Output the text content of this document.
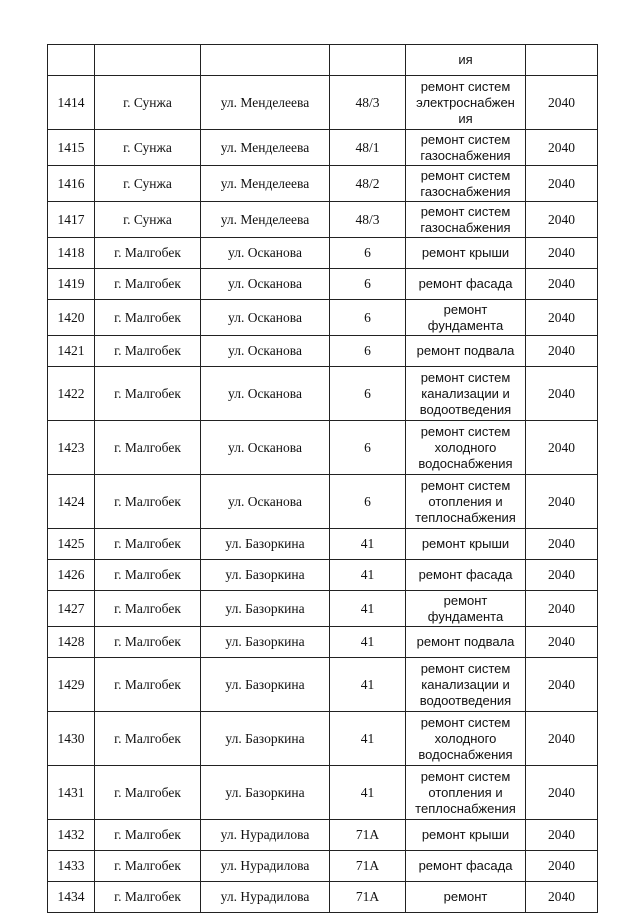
				ия	
1414	г. Сунжа	ул. Менделеева	48/3	ремонт систем
электроснабжен
ия	2040
1415	г. Сунжа	ул. Менделеева	48/1	ремонт систем
газоснабжения	2040
1416	г. Сунжа	ул. Менделеева	48/2	ремонт систем
газоснабжения	2040
1417	г. Сунжа	ул. Менделеева	48/3	ремонт систем
газоснабжения	2040
1418	г. Малгобек	ул. Осканова	6	ремонт крыши	2040
1419	г. Малгобек	ул. Осканова	6	ремонт фасада	2040
1420	г. Малгобек	ул. Осканова	6	ремонт
фундамента	2040
1421	г. Малгобек	ул. Осканова	6	ремонт подвала	2040
1422	г. Малгобек	ул. Осканова	6	ремонт систем
канализации и
водоотведения	2040
1423	г. Малгобек	ул. Осканова	6	ремонт систем
холодного
водоснабжения	2040
1424	г. Малгобек	ул. Осканова	6	ремонт систем
отопления и
теплоснабжения	2040
1425	г. Малгобек	ул. Базоркина	41	ремонт крыши	2040
1426	г. Малгобек	ул. Базоркина	41	ремонт фасада	2040
1427	г. Малгобек	ул. Базоркина	41	ремонт
фундамента	2040
1428	г. Малгобек	ул. Базоркина	41	ремонт подвала	2040
1429	г. Малгобек	ул. Базоркина	41	ремонт систем
канализации и
водоотведения	2040
1430	г. Малгобек	ул. Базоркина	41	ремонт систем
холодного
водоснабжения	2040
1431	г. Малгобек	ул. Базоркина	41	ремонт систем
отопления и
теплоснабжения	2040
1432	г. Малгобек	ул. Нурадилова	71А	ремонт крыши	2040
1433	г. Малгобек	ул. Нурадилова	71А	ремонт фасада	2040
1434	г. Малгобек	ул. Нурадилова	71А	ремонт	2040
